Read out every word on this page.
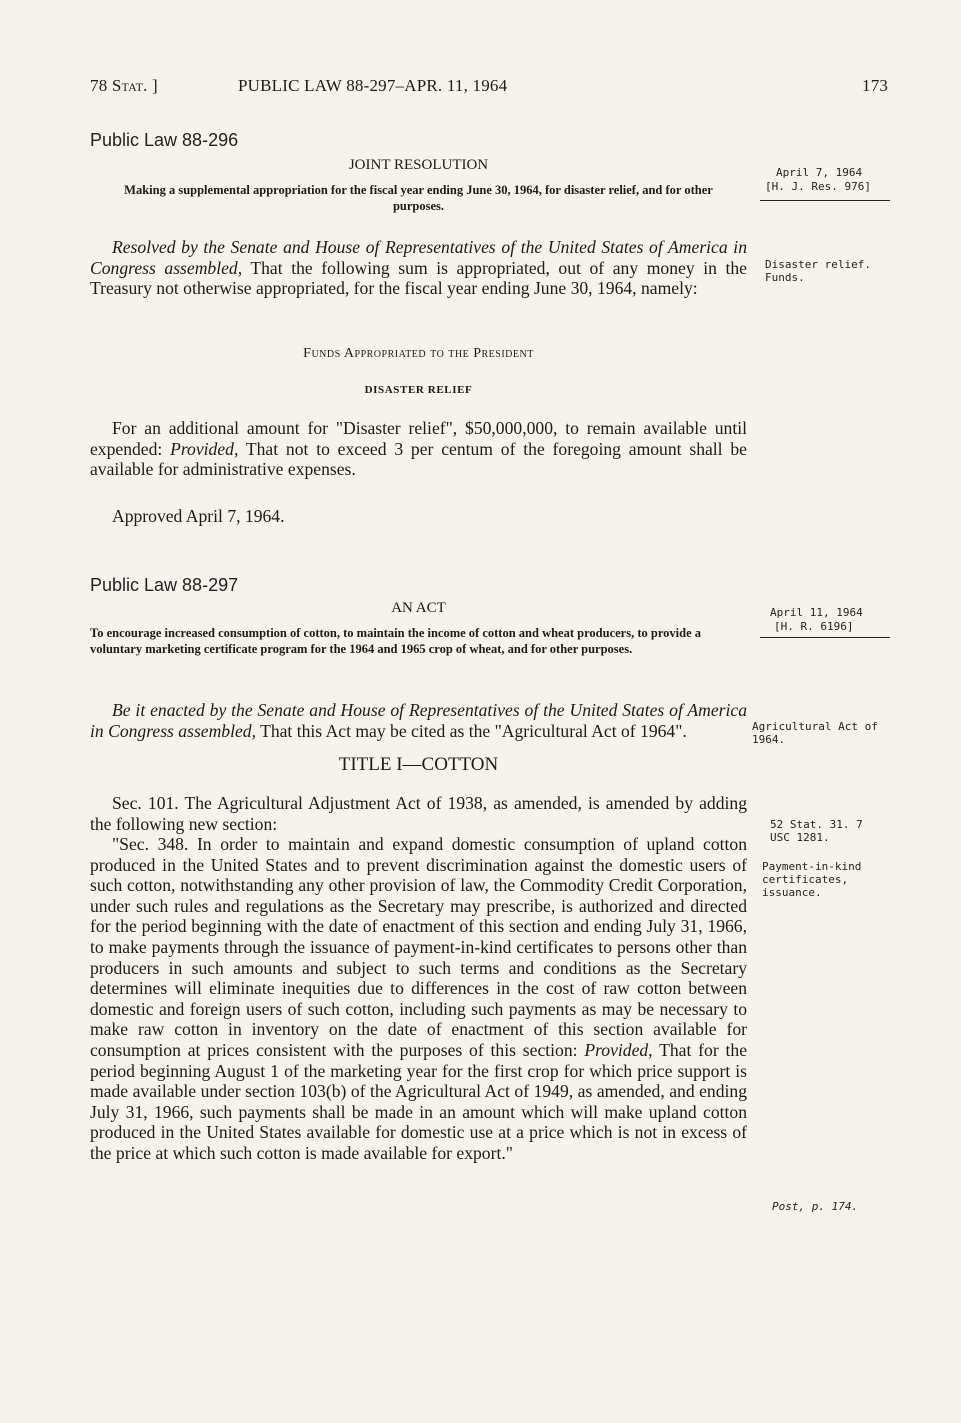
78 Stat. ]	PUBLIC LAW 88-297–APR. 11, 1964	173
Public Law 88-296
JOINT RESOLUTION
Making a supplemental appropriation for the fiscal year ending June 30, 1964, for disaster relief, and for other purposes.
Resolved by the Senate and House of Representatives of the United States of America in Congress assembled, That the following sum is appropriated, out of any money in the Treasury not otherwise appropriated, for the fiscal year ending June 30, 1964, namely:
Funds Appropriated to the President
DISASTER RELIEF
For an additional amount for "Disaster relief", $50,000,000, to remain available until expended: Provided, That not to exceed 3 per centum of the foregoing amount shall be available for administrative expenses.
Approved April 7, 1964.
Public Law 88-297
AN ACT
To encourage increased consumption of cotton, to maintain the income of cotton and wheat producers, to provide a voluntary marketing certificate program for the 1964 and 1965 crop of wheat, and for other purposes.
Be it enacted by the Senate and House of Representatives of the United States of America in Congress assembled, That this Act may be cited as the "Agricultural Act of 1964".
TITLE I—COTTON
Sec. 101. The Agricultural Adjustment Act of 1938, as amended, is amended by adding the following new section:
"Sec. 348. In order to maintain and expand domestic consumption of upland cotton produced in the United States and to prevent discrimination against the domestic users of such cotton, notwithstanding any other provision of law, the Commodity Credit Corporation, under such rules and regulations as the Secretary may prescribe, is authorized and directed for the period beginning with the date of enactment of this section and ending July 31, 1966, to make payments through the issuance of payment-in-kind certificates to persons other than producers in such amounts and subject to such terms and conditions as the Secretary determines will eliminate inequities due to differences in the cost of raw cotton between domestic and foreign users of such cotton, including such payments as may be necessary to make raw cotton in inventory on the date of enactment of this section available for consumption at prices consistent with the purposes of this section: Provided, That for the period beginning August 1 of the marketing year for the first crop for which price support is made available under section 103(b) of the Agricultural Act of 1949, as amended, and ending July 31, 1966, such payments shall be made in an amount which will make upland cotton produced in the United States available for domestic use at a price which is not in excess of the price at which such cotton is made available for export."
April 7, 1964
[H. J. Res. 976]
Disaster relief. Funds.
April 11, 1964
[H. R. 6196]
Agricultural Act of 1964.
52 Stat. 31. 7 USC 1281.
Payment-in-kind certificates, issuance.
Post, p. 174.
